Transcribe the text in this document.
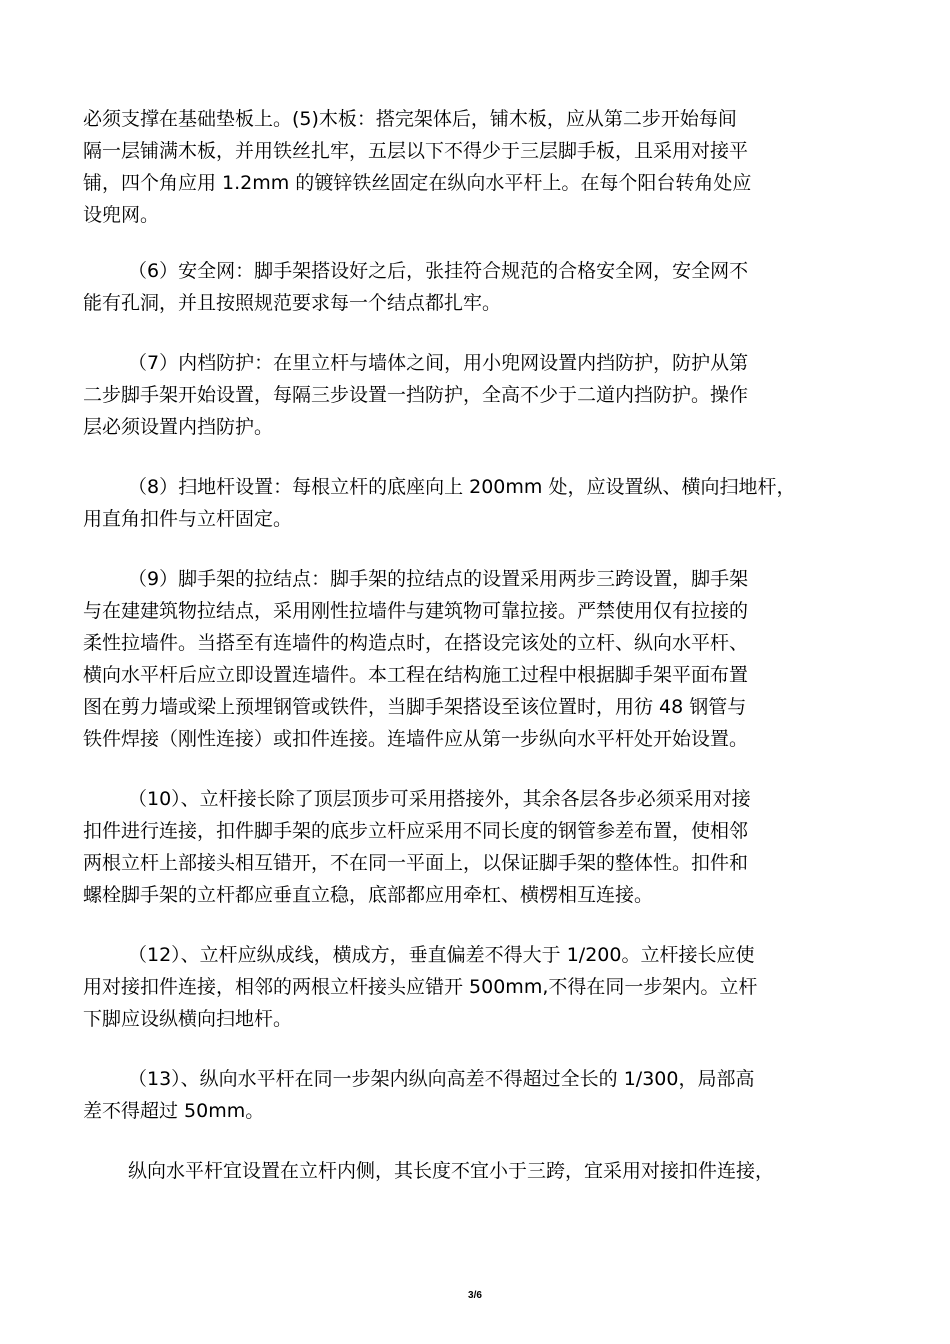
必须支撑在基础垫板上。(5)木板：搭完架体后，铺木板，应从第二步开始每间
隔一层铺满木板，并用铁丝扎牢，五层以下不得少于三层脚手板，且采用对接平
铺，四个角应用 1.2mm 的镀锌铁丝固定在纵向水平杆上。在每个阳台转角处应
设兜网。

（6）安全网：脚手架搭设好之后，张挂符合规范的合格安全网，安全网不
能有孔洞，并且按照规范要求每一个结点都扎牢。

（7）内档防护：在里立杆与墙体之间，用小兜网设置内挡防护，防护从第
二步脚手架开始设置，每隔三步设置一挡防护，全高不少于二道内挡防护。操作
层必须设置内挡防护。

（8）扫地杆设置：每根立杆的底座向上 200mm 处，应设置纵、横向扫地杆，
用直角扣件与立杆固定。

（9）脚手架的拉结点：脚手架的拉结点的设置采用两步三跨设置，脚手架
与在建建筑物拉结点，采用刚性拉墙件与建筑物可靠拉接。严禁使用仅有拉接的
柔性拉墙件。当搭至有连墙件的构造点时，在搭设完该处的立杆、纵向水平杆、
横向水平杆后应立即设置连墙件。本工程在结构施工过程中根据脚手架平面布置
图在剪力墙或梁上预埋钢管或铁件，当脚手架搭设至该位置时，用彷 48 钢管与
铁件焊接（刚性连接）或扣件连接。连墙件应从第一步纵向水平杆处开始设置。

（10）、立杆接长除了顶层顶步可采用搭接外，其余各层各步必须采用对接
扣件进行连接，扣件脚手架的底步立杆应采用不同长度的钢管参差布置，使相邻
两根立杆上部接头相互错开，不在同一平面上，以保证脚手架的整体性。扣件和
螺栓脚手架的立杆都应垂直立稳，底部都应用牵杠、横楞相互连接。

（12）、立杆应纵成线，横成方，垂直偏差不得大于 1/200。立杆接长应使
用对接扣件连接，相邻的两根立杆接头应错开 500mm,不得在同一步架内。立杆
下脚应设纵横向扫地杆。

（13）、纵向水平杆在同一步架内纵向高差不得超过全长的 1/300，局部高
差不得超过 50mm。

纵向水平杆宜设置在立杆内侧，其长度不宜小于三跨，宜采用对接扣件连接，

3/6
